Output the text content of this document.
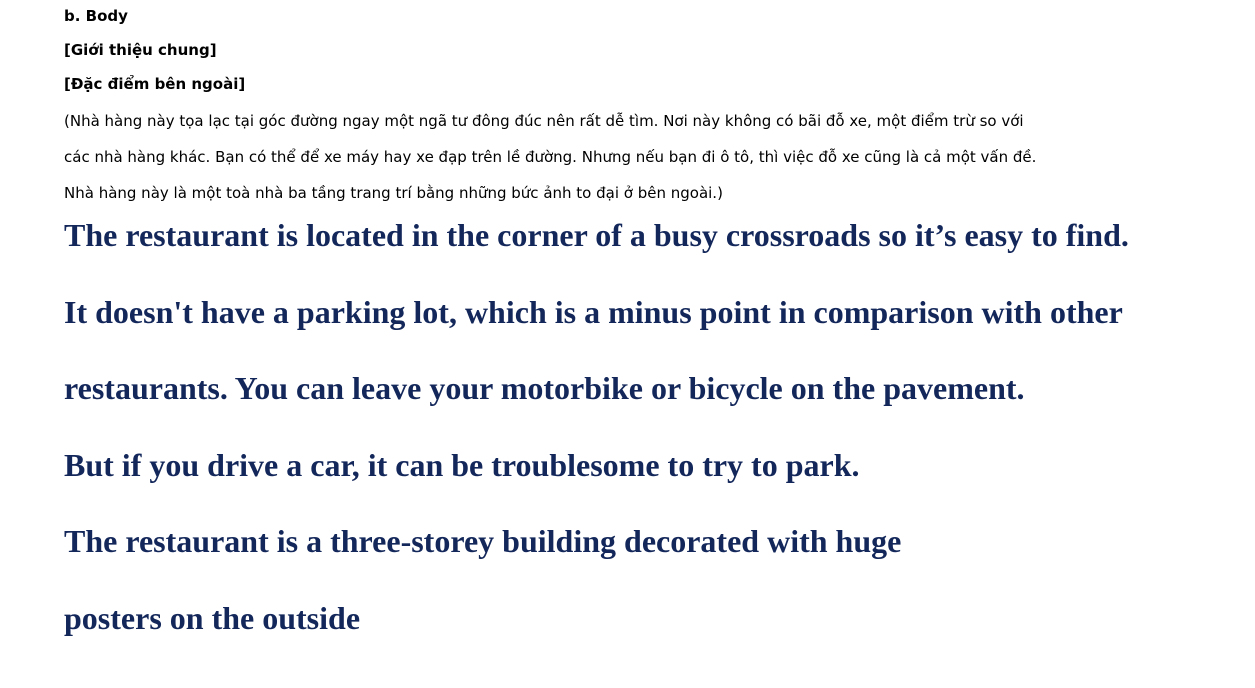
b. Body
[Giới thiệu chung]
[Đặc điểm bên ngoài]
(Nhà hàng này tọa lạc tại góc đường ngay một ngã tư đông đúc nên rất dễ tìm. Nơi này không có bãi đỗ xe, một điểm trừ so với
các nhà hàng khác. Bạn có thể để xe máy hay xe đạp trên lề đường. Nhưng nếu bạn đi ô tô, thì việc đỗ xe cũng là cả một vấn đề.
Nhà hàng này là một toà nhà ba tầng trang trí bằng những bức ảnh to đại ở bên ngoài.)
The restaurant is located in the corner of a busy crossroads so it’s easy to find.
It doesn't have a parking lot, which is a minus point in comparison with other
restaurants. You can leave your motorbike or bicycle on the pavement.
But if you drive a car, it can be troublesome to try to park.
The restaurant is a three-storey building decorated with huge
posters on the outside
